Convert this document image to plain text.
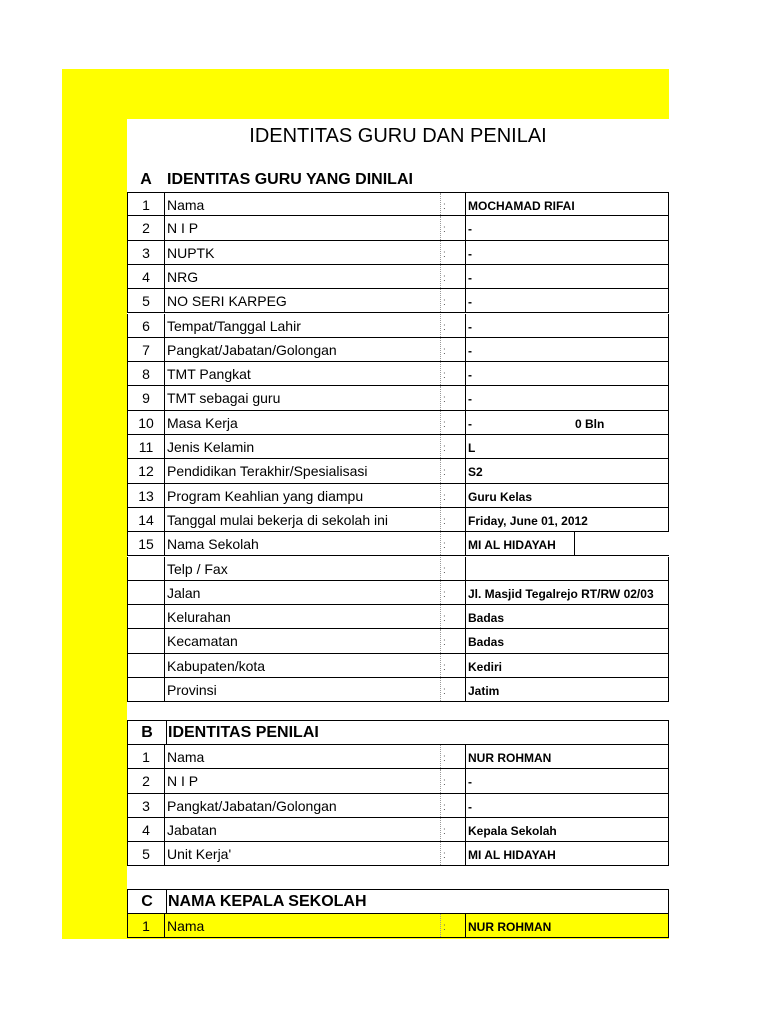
IDENTITAS GURU DAN PENILAI
A IDENTITAS GURU YANG DINILAI
1	Nama	:	MOCHAMAD RIFAI
2	N I P	:	-
3	NUPTK	:	-
4	NRG	:	-
5	NO SERI KARPEG	:	-
6	Tempat/Tanggal Lahir	:	-
7	Pangkat/Jabatan/Golongan	:	-
8	TMT Pangkat	:	-
9	TMT sebagai guru	:	-
10 Masa Kerja	:	-	0 Bln
11 Jenis Kelamin	:	L
12 Pendidikan Terakhir/Spesialisasi	:	S2
13 Program Keahlian yang diampu	:	Guru Kelas
14 Tanggal mulai bekerja di sekolah ini	:	Friday, June 01, 2012
15 Nama Sekolah	:	MI AL HIDAYAH
Telp / Fax	:
Jalan	:	Jl. Masjid Tegalrejo RT/RW 02/03
Kelurahan	:	Badas
Kecamatan	:	Badas
Kabupaten/kota	:	Kediri
Provinsi	:	Jatim
B IDENTITAS PENILAI
1	Nama	:	NUR ROHMAN
2	N I P	:	-
3	Pangkat/Jabatan/Golongan	:	-
4	Jabatan	:	Kepala Sekolah
5	Unit Kerja'	:	MI AL HIDAYAH
C NAMA KEPALA SEKOLAH
1	Nama	:	NUR ROHMAN
